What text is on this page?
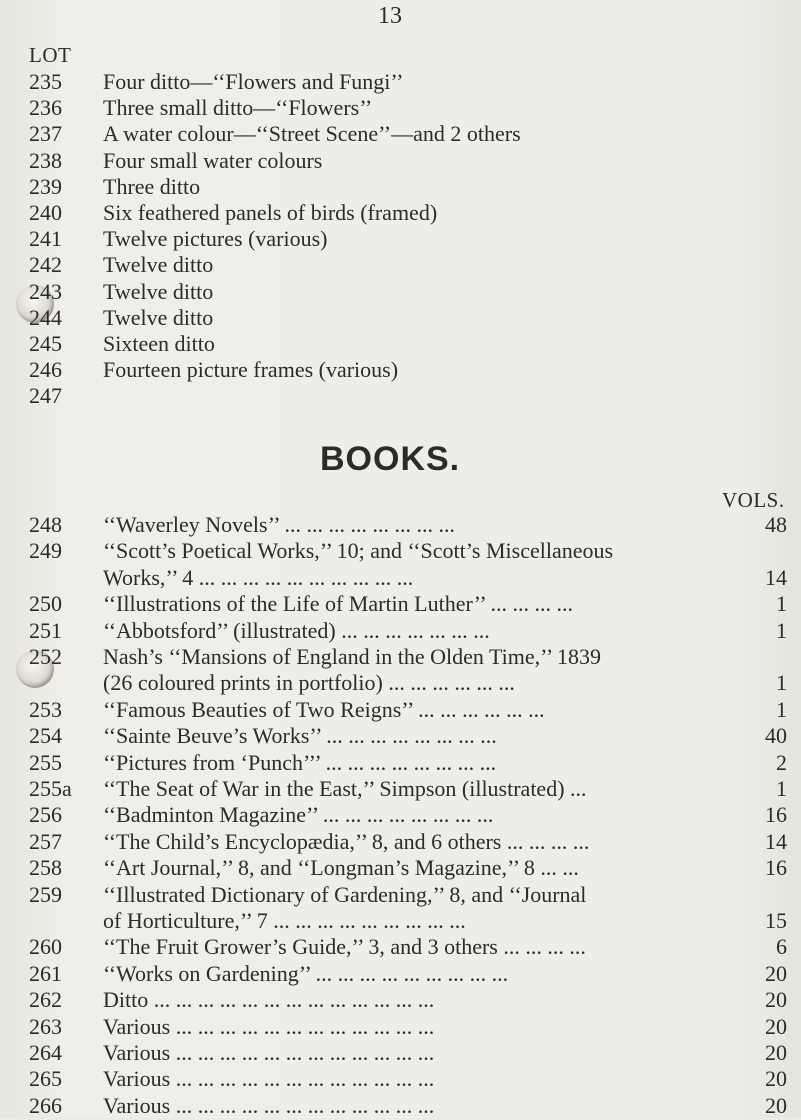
13
LOT
235	Four ditto—‘‘Flowers and Fungi’’
236	Three small ditto—‘‘Flowers’’
237	A water colour—‘‘Street Scene’’—and 2 others
238	Four small water colours
239	Three ditto
240	Six feathered panels of birds (framed)
241	Twelve pictures (various)
242	Twelve ditto
243	Twelve ditto
244	Twelve ditto
245	Sixteen ditto
246	Fourteen picture frames (various)
247
BOOKS.
VOLS.
248	‘‘Waverley Novels’’ ... ... ... ... ... ... ... ...	48
249	‘‘Scott’s Poetical Works,’’ 10; and ‘‘Scott’s Miscellaneous
Works,’’ 4 ... ... ... ... ... ... ... ... ... ...	14
250	‘‘Illustrations of the Life of Martin Luther’’ ... ... ... ...	1
251	‘‘Abbotsford’’ (illustrated) ... ... ... ... ... ... ...	1
252	Nash’s ‘‘Mansions of England in the Olden Time,’’ 1839
(26 coloured prints in portfolio) ... ... ... ... ... ...	1
253	‘‘Famous Beauties of Two Reigns’’ ... ... ... ... ... ...	1
254	‘‘Sainte Beuve’s Works’’ ... ... ... ... ... ... ... ...	40
255	‘‘Pictures from ‘Punch’’’ ... ... ... ... ... ... ... ...	2
255a	‘‘The Seat of War in the East,’’ Simpson (illustrated) ...	1
256	‘‘Badminton Magazine’’ ... ... ... ... ... ... ... ...	16
257	‘‘The Child’s Encyclopædia,’’ 8, and 6 others ... ... ... ...	14
258	‘‘Art Journal,’’ 8, and ‘‘Longman’s Magazine,’’ 8 ... ...	16
259	‘‘Illustrated Dictionary of Gardening,’’ 8, and ‘‘Journal
of Horticulture,’’ 7 ... ... ... ... ... ... ... ... ...	15
260	‘‘The Fruit Grower’s Guide,’’ 3, and 3 others ... ... ... ...	6
261	‘‘Works on Gardening’’ ... ... ... ... ... ... ... ... ...	20
262	Ditto ... ... ... ... ... ... ... ... ... ... ... ... ...	20
263	Various ... ... ... ... ... ... ... ... ... ... ... ...	20
264	Various ... ... ... ... ... ... ... ... ... ... ... ...	20
265	Various ... ... ... ... ... ... ... ... ... ... ... ...	20
266	Various ... ... ... ... ... ... ... ... ... ... ... ...	20
